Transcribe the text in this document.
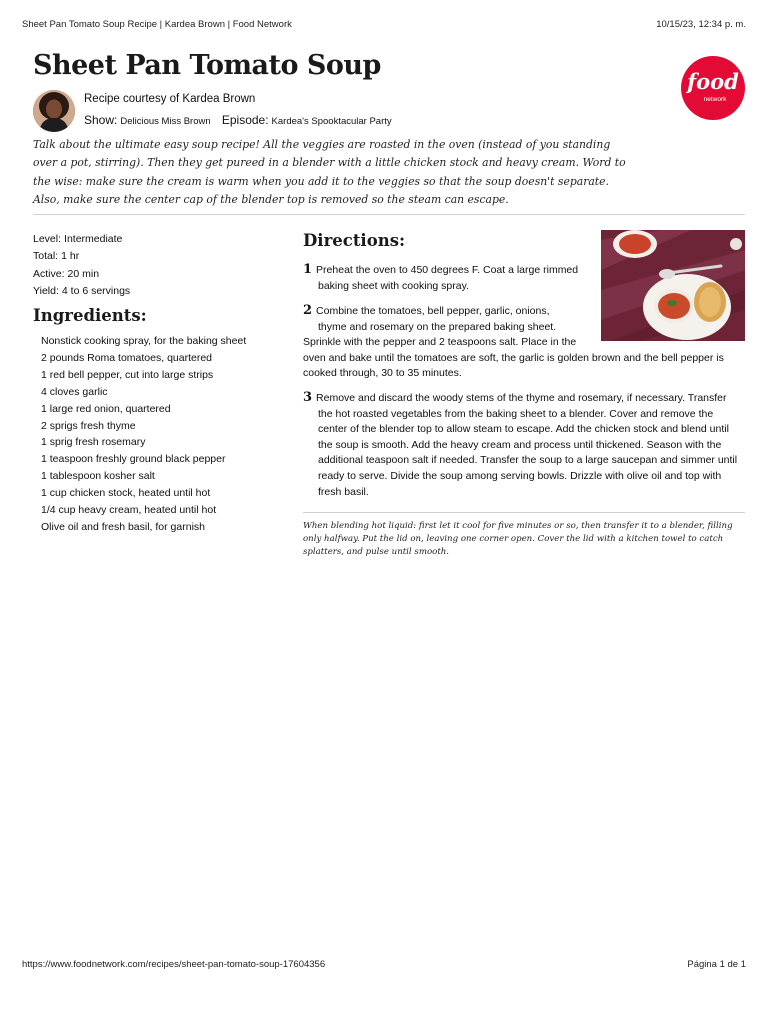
Sheet Pan Tomato Soup Recipe | Kardea Brown | Food Network	10/15/23, 12:34 p. m.
Sheet Pan Tomato Soup
Recipe courtesy of Kardea Brown
Show: Delicious Miss Brown Episode: Kardea's Spooktacular Party
food
network

Talk about the ultimate easy soup recipe! All the veggies are roasted in the oven (instead of you standing over a pot, stirring). Then they get pureed in a blender with a little chicken stock and heavy cream. Word to the wise: make sure the cream is warm when you add it to the veggies so that the soup doesn't separate. Also, make sure the center cap of the blender top is removed so the steam can escape.

Level: Intermediate
Total: 1 hr
Active: 20 min
Yield: 4 to 6 servings
Ingredients:
Nonstick cooking spray, for the baking sheet
2 pounds Roma tomatoes, quartered
1 red bell pepper, cut into large strips
4 cloves garlic
1 large red onion, quartered
2 sprigs fresh thyme
1 sprig fresh rosemary
1 teaspoon freshly ground black pepper
1 tablespoon kosher salt
1 cup chicken stock, heated until hot
1/4 cup heavy cream, heated until hot
Olive oil and fresh basil, for garnish
Directions:
1 Preheat the oven to 450 degrees F. Coat a large rimmed
baking sheet with cooking spray.
2 Combine the tomatoes, bell pepper, garlic, onions,
thyme and rosemary on the prepared baking sheet.
Sprinkle with the pepper and 2 teaspoons salt. Place in the
oven and bake until the tomatoes are soft, the garlic is golden brown and the bell pepper is cooked through, 30 to 35 minutes.
3 Remove and discard the woody stems of the thyme and rosemary, if necessary. Transfer
the hot roasted vegetables from the baking sheet to a blender. Cover and remove the center of the blender top to allow steam to escape. Add the chicken stock and blend until the soup is smooth. Add the heavy cream and process until thickened. Season with the additional teaspoon salt if needed. Transfer the soup to a large saucepan and simmer until ready to serve. Divide the soup among serving bowls. Drizzle with olive oil and top with fresh basil.

When blending hot liquid: first let it cool for five minutes or so, then transfer it to a blender, filling only halfway. Put the lid on, leaving one corner open. Cover the lid with a kitchen towel to catch splatters, and pulse until smooth.

https://www.foodnetwork.com/recipes/sheet-pan-tomato-soup-17604356	Página 1 de 1
